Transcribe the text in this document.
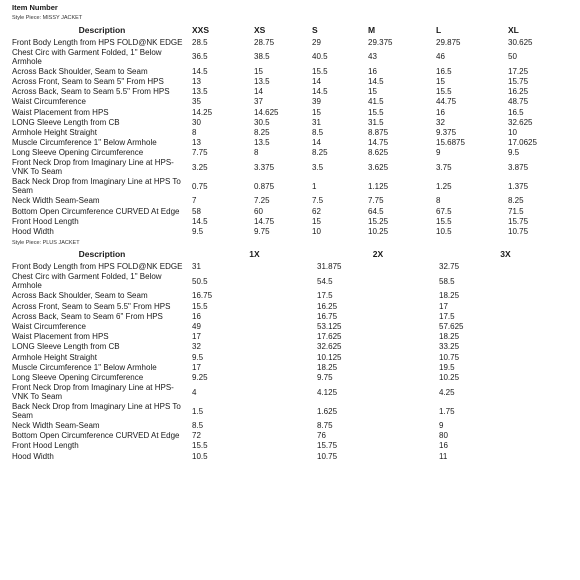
Item Number
Style Piece: MISSY JACKET
Description	XXS	XS	S	M	L	XL
Front Body Length from HPS FOLD@NK EDGE	28.5	28.75	29	29.375	29.875	30.625
Chest Circ with Garment Folded, 1" Below Armhole	36.5	38.5	40.5	43	46	50
Across Back Shoulder, Seam to Seam	14.5	15	15.5	16	16.5	17.25
Across Front, Seam to Seam 5" From HPS	13	13.5	14	14.5	15	15.75
Across Back, Seam to Seam 5.5" From HPS	13.5	14	14.5	15	15.5	16.25
Waist Circumference	35	37	39	41.5	44.75	48.75
Waist Placement from HPS	14.25	14.625	15	15.5	16	16.5
LONG Sleeve Length from CB	30	30.5	31	31.5	32	32.625
Armhole Height Straight	8	8.25	8.5	8.875	9.375	10
Muscle Circumference 1" Below Armhole	13	13.5	14	14.75	15.6875	17.0625
Long Sleeve Opening Circumference	7.75	8	8.25	8.625	9	9.5
Front Neck Drop from Imaginary Line at HPS-VNK To Seam	3.25	3.375	3.5	3.625	3.75	3.875
Back Neck Drop from Imaginary Line at HPS To Seam	0.75	0.875	1	1.125	1.25	1.375
Neck Width Seam-Seam	7	7.25	7.5	7.75	8	8.25
Bottom Open Circumference CURVED At Edge	58	60	62	64.5	67.5	71.5
Front Hood Length	14.5	14.75	15	15.25	15.5	15.75
Hood Width	9.5	9.75	10	10.25	10.5	10.75
Style Piece: PLUS JACKET
Description	1X	2X	3X
Front Body Length from HPS FOLD@NK EDGE	31	31.875	32.75
Chest Circ with Garment Folded, 1" Below Armhole	50.5	54.5	58.5
Across Back Shoulder, Seam to Seam	16.75	17.5	18.25
Across Front, Seam to Seam 5.5" From HPS	15.5	16.25	17
Across Back, Seam to Seam 6" From HPS	16	16.75	17.5
Waist Circumference	49	53.125	57.625
Waist Placement from HPS	17	17.625	18.25
LONG Sleeve Length from CB	32	32.625	33.25
Armhole Height Straight	9.5	10.125	10.75
Muscle Circumference 1" Below Armhole	17	18.25	19.5
Long Sleeve Opening Circumference	9.25	9.75	10.25
Front Neck Drop from Imaginary Line at HPS-VNK To Seam	4	4.125	4.25
Back Neck Drop from Imaginary Line at HPS To Seam	1.5	1.625	1.75
Neck Width Seam-Seam	8.5	8.75	9
Bottom Open Circumference CURVED At Edge	72	76	80
Front Hood Length	15.5	15.75	16
Hood Width	10.5	10.75	11
